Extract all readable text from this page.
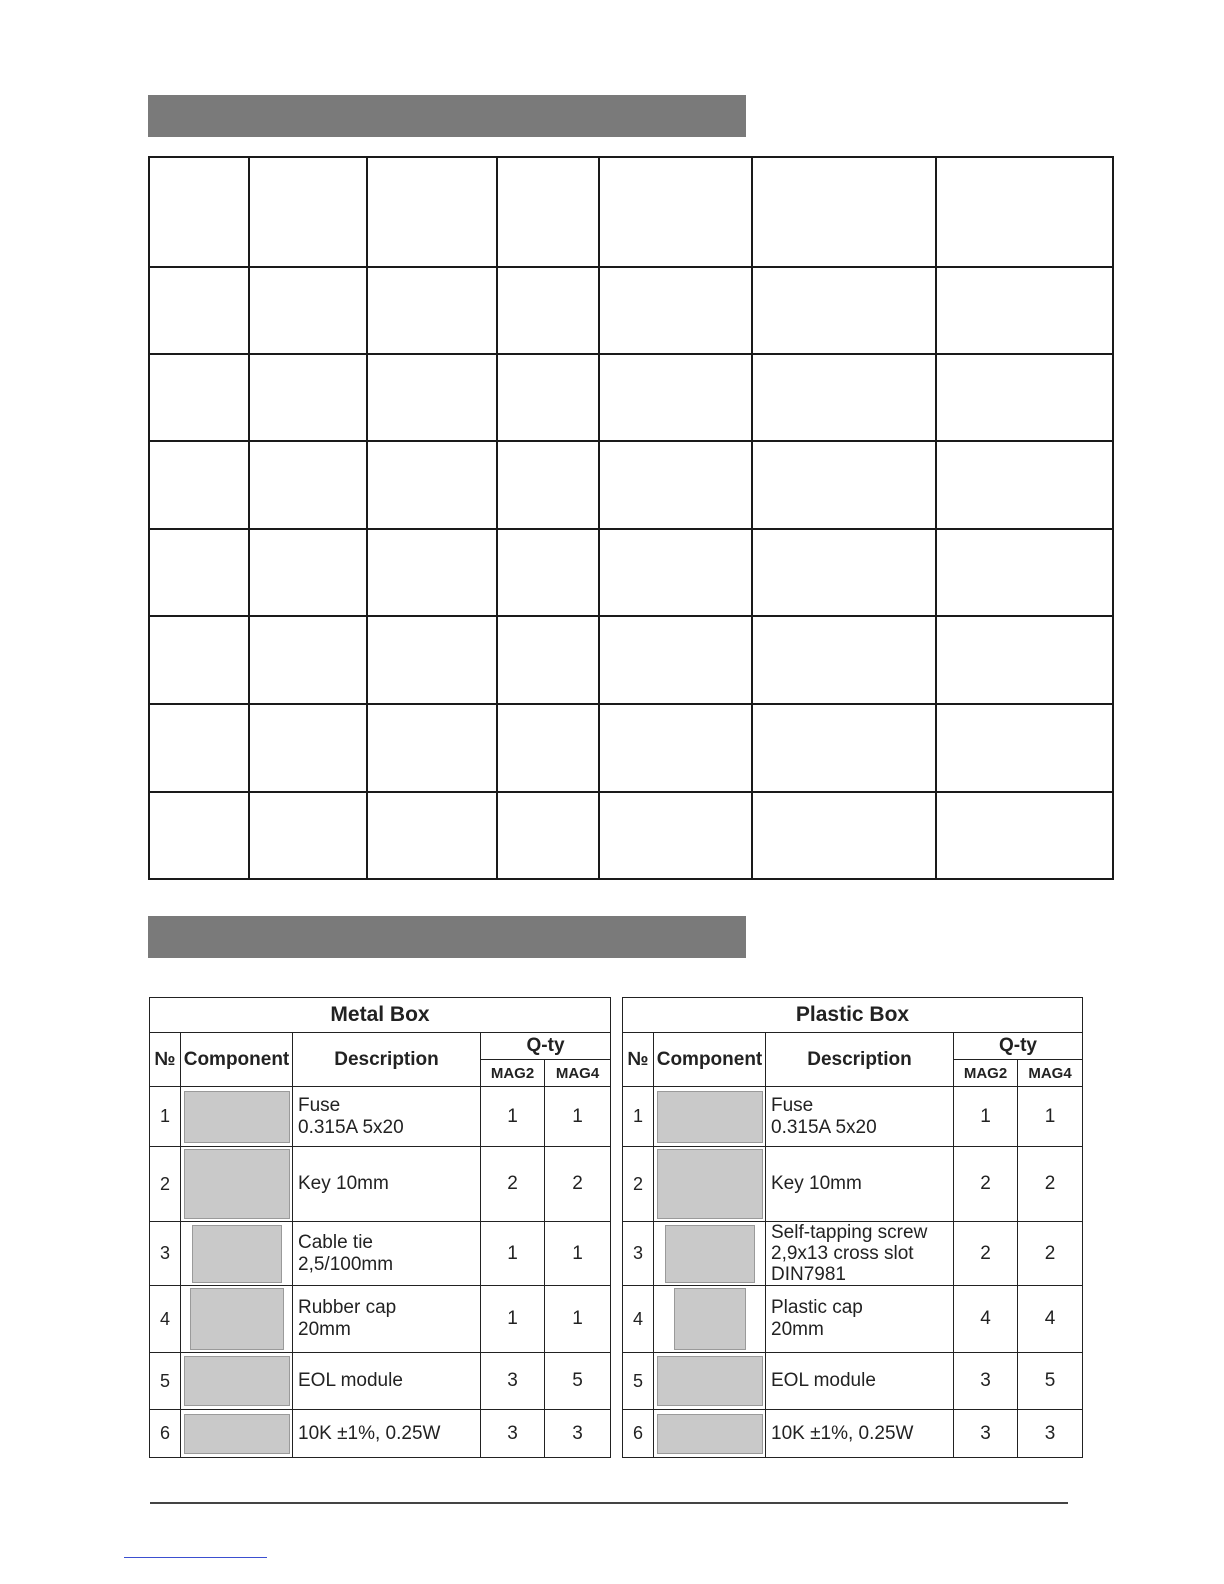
Metal Box				
№	Component	Description	Q-ty	
			MAG2	MAG4
1		Fuse
0.315A 5x20	1	1
2		Key 10mm	2	2
3		Cable tie
2,5/100mm	1	1
4		Rubber cap
20mm	1	1
5		EOL module	3	5
6		10K ±1%, 0.25W	3	3
Plastic Box				
№	Component	Description	Q-ty	
			MAG2	MAG4
1		Fuse
0.315A 5x20	1	1
2		Key 10mm	2	2
3		Self-tapping screw
2,9x13 cross slot
DIN7981	2	2
4		Plastic cap
20mm	4	4
5		EOL module	3	5
6		10K ±1%, 0.25W	3	3
